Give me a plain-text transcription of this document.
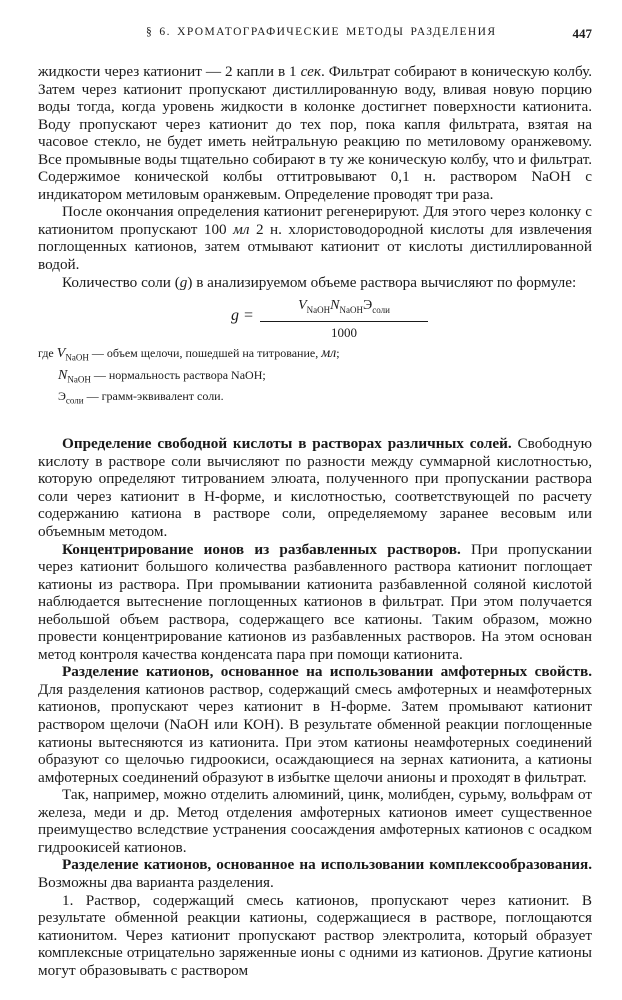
§ 6. ХРОМАТОГРАФИЧЕСКИЕ МЕТОДЫ РАЗДЕЛЕНИЯ	447

жидкости через катионит — 2 капли в 1 сек. Фильтрат собирают в коническую колбу. Затем через катионит пропускают дистиллированную воду, вливая новую порцию воды тогда, когда уровень жидкости в колонке достигнет поверхности катионита. Воду пропускают через катионит до тех пор, пока капля фильтрата, взятая на часовое стекло, не будет иметь нейтральную реакцию по метиловому оранжевому. Все промывные воды тщательно собирают в ту же коническую колбу, что и фильтрат. Содержимое конической колбы оттитровывают 0,1 н. раствором NaOH с индикатором метиловым оранжевым. Определение проводят три раза.

После окончания определения катионит регенерируют. Для этого через колонку с катионитом пропускают 100 мл 2 н. хлористоводородной кислоты для извлечения поглощенных катионов, затем отмывают катионит от кислоты дистиллированной водой.

Количество соли (g) в анализируемом объеме раствора вычисляют по формуле:

g =
$V_{NaOH}N_{NaOH}Э_{соли}$
1000
где $V_{NaOH}$ — объем щелочи, пошедшей на титрование, мл;
$N_{NaOH}$ — нормальность раствора NaOH;
$Э_{соли}$ — грамм-эквивалент соли.

Определение свободной кислоты в растворах различных солей. Свободную кислоту в растворе соли вычисляют по разности между суммарной кислотностью, которую определяют титрованием элюата, полученного при пропускании раствора соли через катионит в Н-форме, и кислотностью, соответствующей по расчету содержанию катиона в растворе соли, определяемому заранее весовым или объемным методом.

Концентрирование ионов из разбавленных растворов. При пропускании через катионит большого количества разбавленного раствора катионит поглощает катионы из раствора. При промывании катионита разбавленной соляной кислотой наблюдается вытеснение поглощенных катионов в фильтрат. При этом получается небольшой объем раствора, содержащего все катионы. Таким образом, можно провести концентрирование катионов из разбавленных растворов. На этом основан метод контроля качества конденсата пара при помощи катионита.

Разделение катионов, основанное на использовании амфотерных свойств. Для разделения катионов раствор, содержащий смесь амфотерных и неамфотерных катионов, пропускают через катионит в Н-форме. Затем промывают катионит раствором щелочи (NaOH или КОН). В результате обменной реакции поглощенные катионы вытесняются из катионита. При этом катионы неамфотерных соединений образуют со щелочью гидроокиси, осаждающиеся на зернах катионита, а катионы амфотерных соединений образуют в избытке щелочи анионы и проходят в фильтрат.

Так, например, можно отделить алюминий, цинк, молибден, сурьму, вольфрам от железа, меди и др. Метод отделения амфотерных катионов имеет существенное преимущество вследствие устранения соосаждения амфотерных катионов с осадком гидроокисей катионов.

Разделение катионов, основанное на использовании комплексообразования. Возможны два варианта разделения.

1. Раствор, содержащий смесь катионов, пропускают через катионит. В результате обменной реакции катионы, содержащиеся в растворе, поглощаются катионитом. Через катионит пропускают раствор электролита, который образует комплексные отрицательно заряженные ионы с одними из катионов. Другие катионы могут образовывать с раствором
